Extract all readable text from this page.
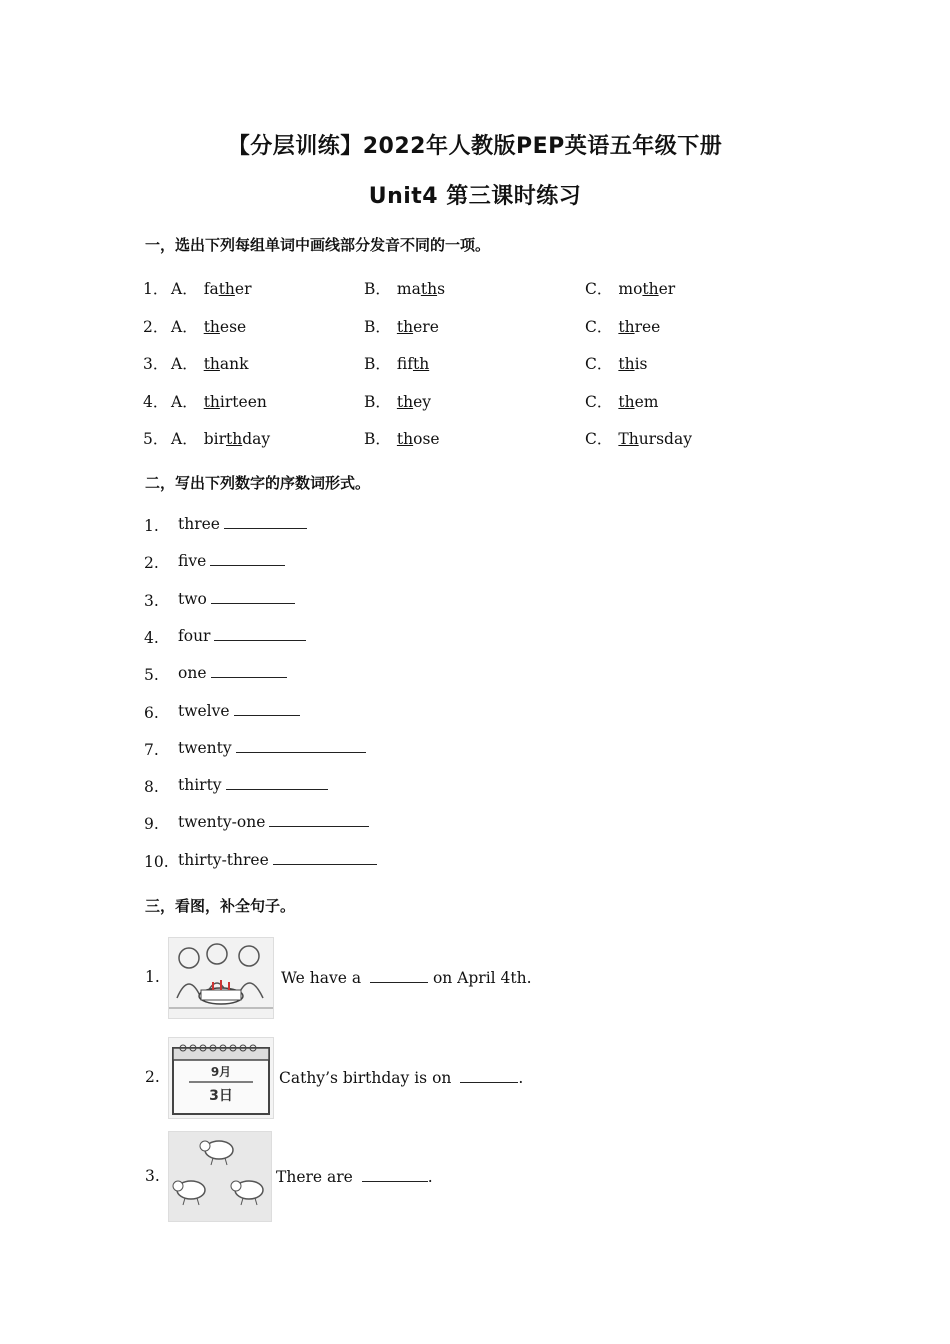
【分层训练】2022年人教版PEP英语五年级下册
Unit4 第三课时练习
一，选出下列每组单词中画线部分发音不同的一项。
1． A． father	B． maths	C． mother
2． A． these	B． there	C． three
3． A． thank	B． fifth	C． this
4． A． thirteen	B． they	C． them
5． A． birthday	B． those	C． Thursday
二，写出下列数字的序数词形式。
1. three
2. five
3. two
4. four
5. one
6. twelve
7. twenty
8. thirty
9. twenty-one
10. thirty-three
三，看图，补全句子。
1.	We have a	on April 4th.
2.	9月
3日
Cathy’s birthday is on	.
3.	There are	.
